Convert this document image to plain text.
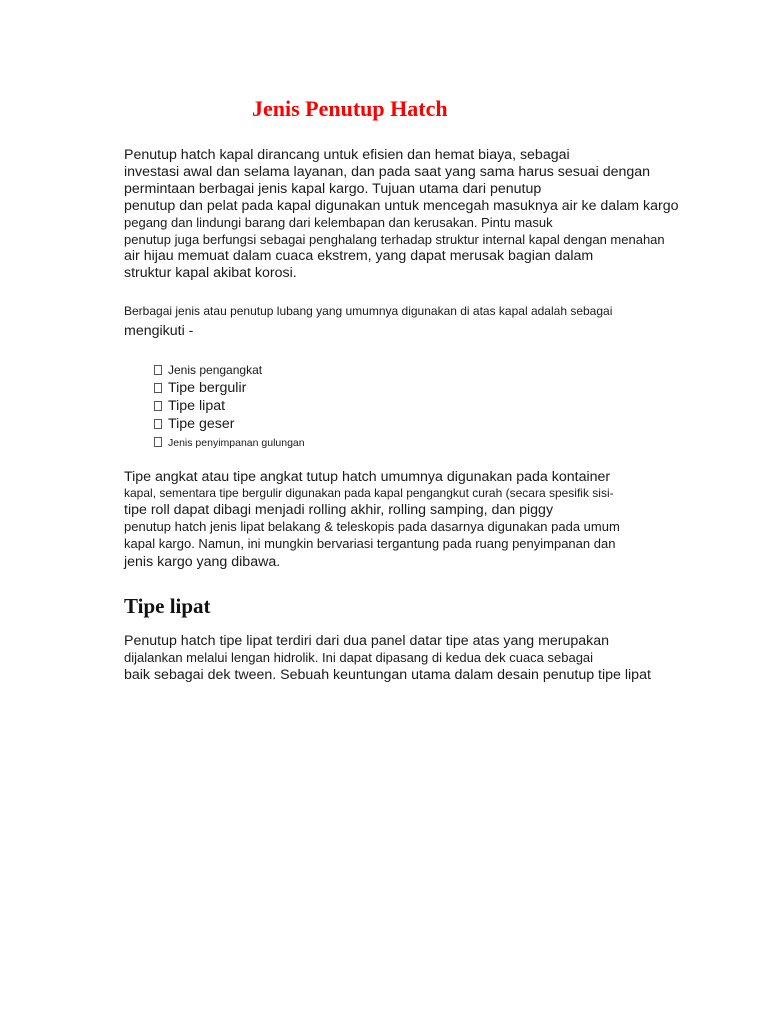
Jenis Penutup Hatch

Penutup hatch kapal dirancang untuk efisien dan hemat biaya, sebagai

investasi awal dan selama layanan, dan pada saat yang sama harus sesuai dengan

permintaan berbagai jenis kapal kargo. Tujuan utama dari penutup

penutup dan pelat pada kapal digunakan untuk mencegah masuknya air ke dalam kargo

pegang dan lindungi barang dari kelembapan dan kerusakan. Pintu masuk

penutup juga berfungsi sebagai penghalang terhadap struktur internal kapal dengan menahan

air hijau memuat dalam cuaca ekstrem, yang dapat merusak bagian dalam

struktur kapal akibat korosi.

Berbagai jenis atau penutup lubang yang umumnya digunakan di atas kapal adalah sebagai

mengikuti -

Jenis pengangkat
Tipe bergulir
Tipe lipat
Tipe geser
Jenis penyimpanan gulungan

Tipe angkat atau tipe angkat tutup hatch umumnya digunakan pada kontainer

kapal, sementara tipe bergulir digunakan pada kapal pengangkut curah (secara spesifik sisi-

tipe roll dapat dibagi menjadi rolling akhir, rolling samping, dan piggy

penutup hatch jenis lipat belakang & teleskopis pada dasarnya digunakan pada umum

kapal kargo. Namun, ini mungkin bervariasi tergantung pada ruang penyimpanan dan

jenis kargo yang dibawa.

Tipe lipat

Penutup hatch tipe lipat terdiri dari dua panel datar tipe atas yang merupakan

dijalankan melalui lengan hidrolik. Ini dapat dipasang di kedua dek cuaca sebagai

baik sebagai dek tween. Sebuah keuntungan utama dalam desain penutup tipe lipat
